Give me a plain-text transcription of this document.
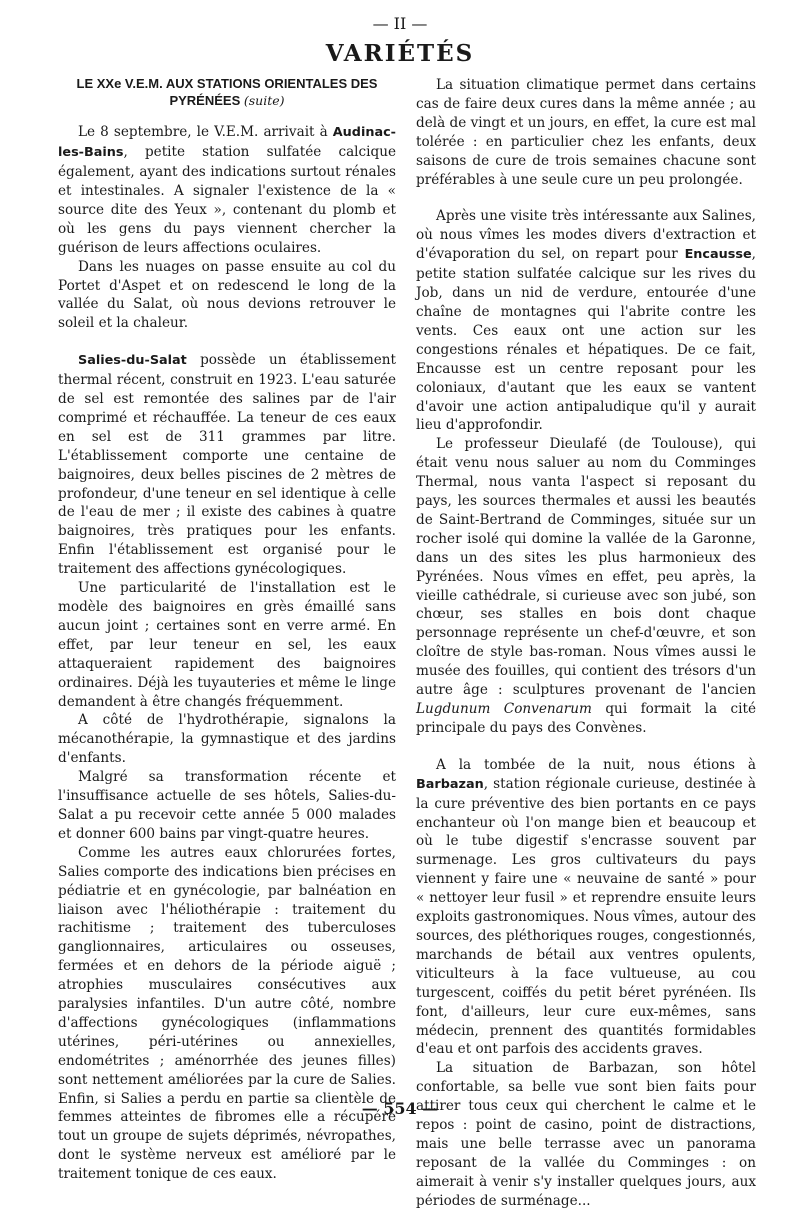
— II —
VARIÉTÉS
LE XXe V.E.M. AUX STATIONS ORIENTALES DES PYRÉNÉES (suite)

Le 8 septembre, le V.E.M. arrivait à Audinac-les-Bains, petite station sulfatée calcique également, ayant des indications surtout rénales et intestinales. A signaler l'existence de la « source dite des Yeux », contenant du plomb et où les gens du pays viennent chercher la guérison de leurs affections oculaires.

Dans les nuages on passe ensuite au col du Portet d'Aspet et on redescend le long de la vallée du Salat, où nous devions retrouver le soleil et la chaleur.

Salies-du-Salat possède un établissement thermal récent, construit en 1923. L'eau saturée de sel est remontée des salines par de l'air comprimé et réchauffée. La teneur de ces eaux en sel est de 311 grammes par litre. L'établissement comporte une centaine de baignoires, deux belles piscines de 2 mètres de profondeur, d'une teneur en sel identique à celle de l'eau de mer ; il existe des cabines à quatre baignoires, très pratiques pour les enfants. Enfin l'établissement est organisé pour le traitement des affections gynécologiques.

Une particularité de l'installation est le modèle des baignoires en grès émaillé sans aucun joint ; certaines sont en verre armé. En effet, par leur teneur en sel, les eaux attaqueraient rapidement des baignoires ordinaires. Déjà les tuyauteries et même le linge demandent à être changés fréquemment.

A côté de l'hydrothérapie, signalons la mécanothérapie, la gymnastique et des jardins d'enfants.

Malgré sa transformation récente et l'insuffisance actuelle de ses hôtels, Salies-du-Salat a pu recevoir cette année 5 000 malades et donner 600 bains par vingt-quatre heures.

Comme les autres eaux chlorurées fortes, Salies comporte des indications bien précises en pédiatrie et en gynécologie, par balnéation en liaison avec l'héliothérapie : traitement du rachitisme ; traitement des tuberculoses ganglionnaires, articulaires ou osseuses, fermées et en dehors de la période aiguë ; atrophies musculaires consécutives aux paralysies infantiles. D'un autre côté, nombre d'affections gynécologiques (inflammations utérines, péri-utérines ou annexielles, endométrites ; aménorrhée des jeunes filles) sont nettement améliorées par la cure de Salies. Enfin, si Salies a perdu en partie sa clientèle de femmes atteintes de fibromes elle a récupéré tout un groupe de sujets déprimés, névropathes, dont le système nerveux est amélioré par le traitement tonique de ces eaux.

La situation climatique permet dans certains cas de faire deux cures dans la même année ; au delà de vingt et un jours, en effet, la cure est mal tolérée : en particulier chez les enfants, deux saisons de cure de trois semaines chacune sont préférables à une seule cure un peu prolongée.

Après une visite très intéressante aux Salines, où nous vîmes les modes divers d'extraction et d'évaporation du sel, on repart pour Encausse, petite station sulfatée calcique sur les rives du Job, dans un nid de verdure, entourée d'une chaîne de montagnes qui l'abrite contre les vents. Ces eaux ont une action sur les congestions rénales et hépatiques. De ce fait, Encausse est un centre reposant pour les coloniaux, d'autant que les eaux se vantent d'avoir une action antipaludique qu'il y aurait lieu d'approfondir.

Le professeur Dieulafé (de Toulouse), qui était venu nous saluer au nom du Comminges Thermal, nous vanta l'aspect si reposant du pays, les sources thermales et aussi les beautés de Saint-Bertrand de Comminges, située sur un rocher isolé qui domine la vallée de la Garonne, dans un des sites les plus harmonieux des Pyrénées. Nous vîmes en effet, peu après, la vieille cathédrale, si curieuse avec son jubé, son chœur, ses stalles en bois dont chaque personnage représente un chef-d'œuvre, et son cloître de style bas-roman. Nous vîmes aussi le musée des fouilles, qui contient des trésors d'un autre âge : sculptures provenant de l'ancien Lugdunum Convenarum qui formait la cité principale du pays des Convènes.

A la tombée de la nuit, nous étions à Barbazan, station régionale curieuse, destinée à la cure préventive des bien portants en ce pays enchanteur où l'on mange bien et beaucoup et où le tube digestif s'encrasse souvent par surmenage. Les gros cultivateurs du pays viennent y faire une « neuvaine de santé » pour « nettoyer leur fusil » et reprendre ensuite leurs exploits gastronomiques. Nous vîmes, autour des sources, des pléthoriques rouges, congestionnés, marchands de bétail aux ventres opulents, viticulteurs à la face vultueuse, au cou turgescent, coiffés du petit béret pyrénéen. Ils font, d'ailleurs, leur cure eux-mêmes, sans médecin, prennent des quantités formidables d'eau et ont parfois des accidents graves.

La situation de Barbazan, son hôtel confortable, sa belle vue sont bien faits pour attirer tous ceux qui cherchent le calme et le repos : point de casino, point de distractions, mais une belle terrasse avec un panorama reposant de la vallée du Comminges : on aimerait à venir s'y installer quelques jours, aux périodes de surménage...

— 554 —
